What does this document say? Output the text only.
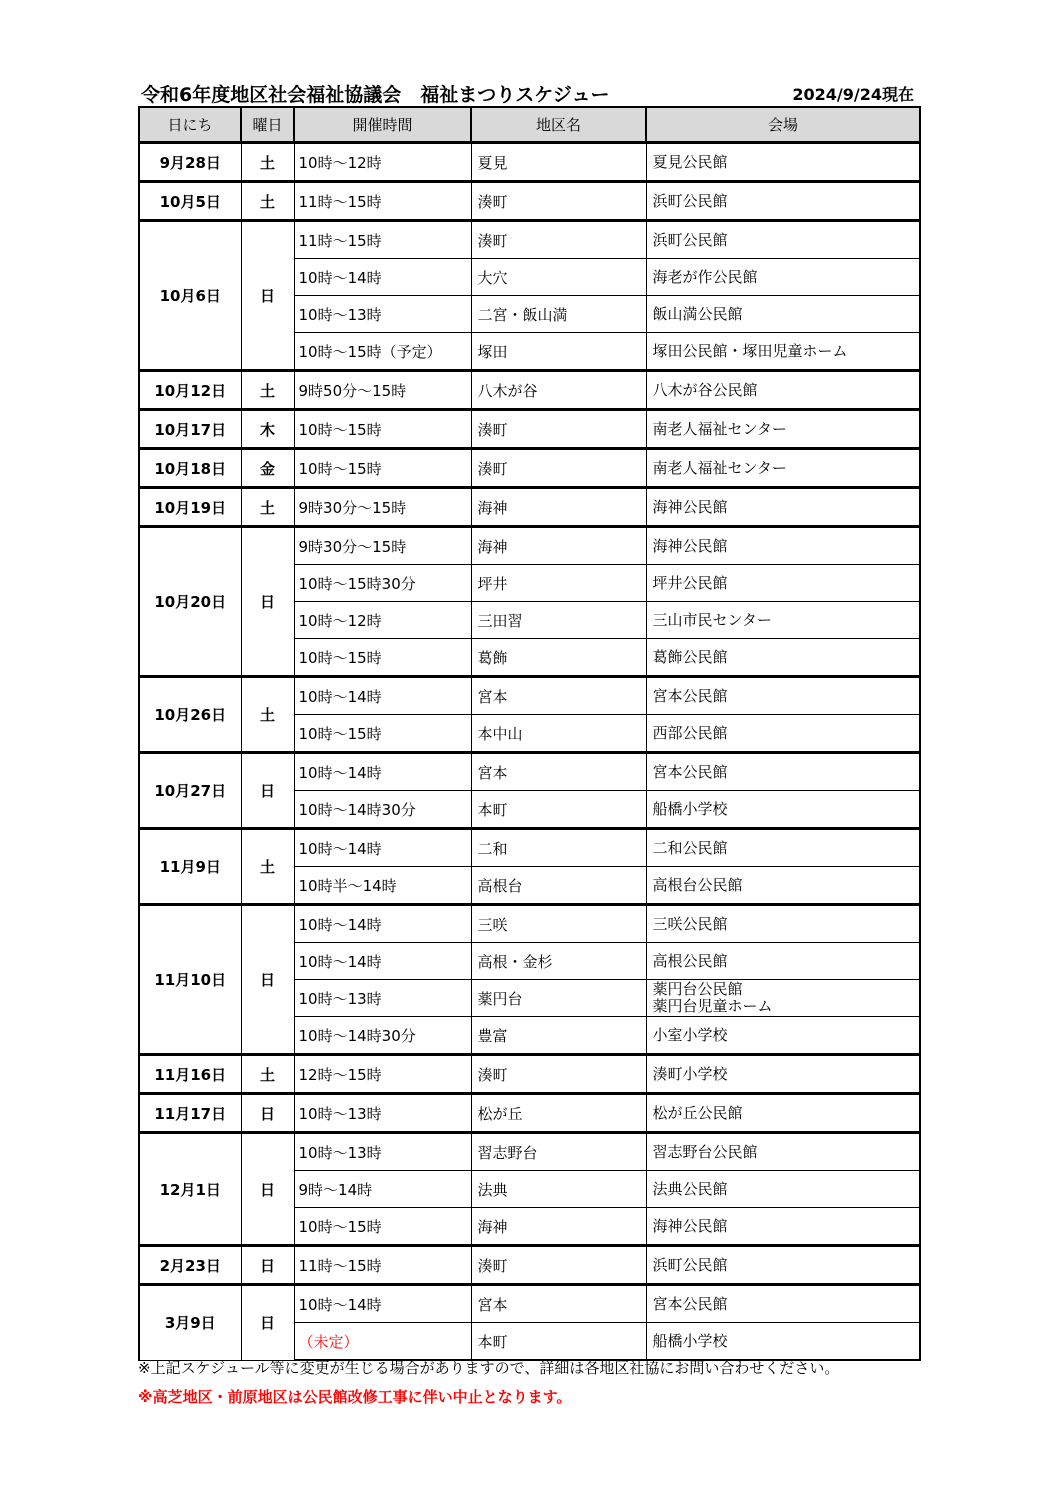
令和6年度地区社会福祉協議会　福祉まつりスケジュー	2024/9/24現在
日にち	曜日	開催時間	地区名	会場
9月28日	土	10時～12時	夏見	夏見公民館
10月5日	土	11時～15時	湊町	浜町公民館
10月6日	日	11時～15時	湊町	浜町公民館
		10時～14時	大穴	海老が作公民館
		10時～13時	二宮・飯山満	飯山満公民館
		10時～15時（予定）	塚田	塚田公民館・塚田児童ホーム
10月12日	土	9時50分～15時	八木が谷	八木が谷公民館
10月17日	木	10時～15時	湊町	南老人福祉センター
10月18日	金	10時～15時	湊町	南老人福祉センター
10月19日	土	9時30分～15時	海神	海神公民館
10月20日	日	9時30分～15時	海神	海神公民館
		10時～15時30分	坪井	坪井公民館
		10時～12時	三田習	三山市民センター
		10時～15時	葛飾	葛飾公民館
10月26日	土	10時～14時	宮本	宮本公民館
		10時～15時	本中山	西部公民館
10月27日	日	10時～14時	宮本	宮本公民館
		10時～14時30分	本町	船橋小学校
11月9日	土	10時～14時	二和	二和公民館
		10時半～14時	高根台	高根台公民館
11月10日	日	10時～14時	三咲	三咲公民館
		10時～14時	高根・金杉	高根公民館
		10時～13時	薬円台	薬円台公民館
薬円台児童ホーム

		10時～14時30分	豊富	小室小学校
11月16日	土	12時～15時	湊町	湊町小学校
11月17日	日	10時～13時	松が丘	松が丘公民館
12月1日	日	10時～13時	習志野台	習志野台公民館
		9時～14時	法典	法典公民館
		10時～15時	海神	海神公民館
2月23日	日	11時～15時	湊町	浜町公民館
3月9日	日	10時～14時	宮本	宮本公民館
		（未定）	本町	船橋小学校
※上記スケジュール等に変更が生じる場合がありますので、詳細は各地区社協にお問い合わせください。
※高芝地区・前原地区は公民館改修工事に伴い中止となります。
